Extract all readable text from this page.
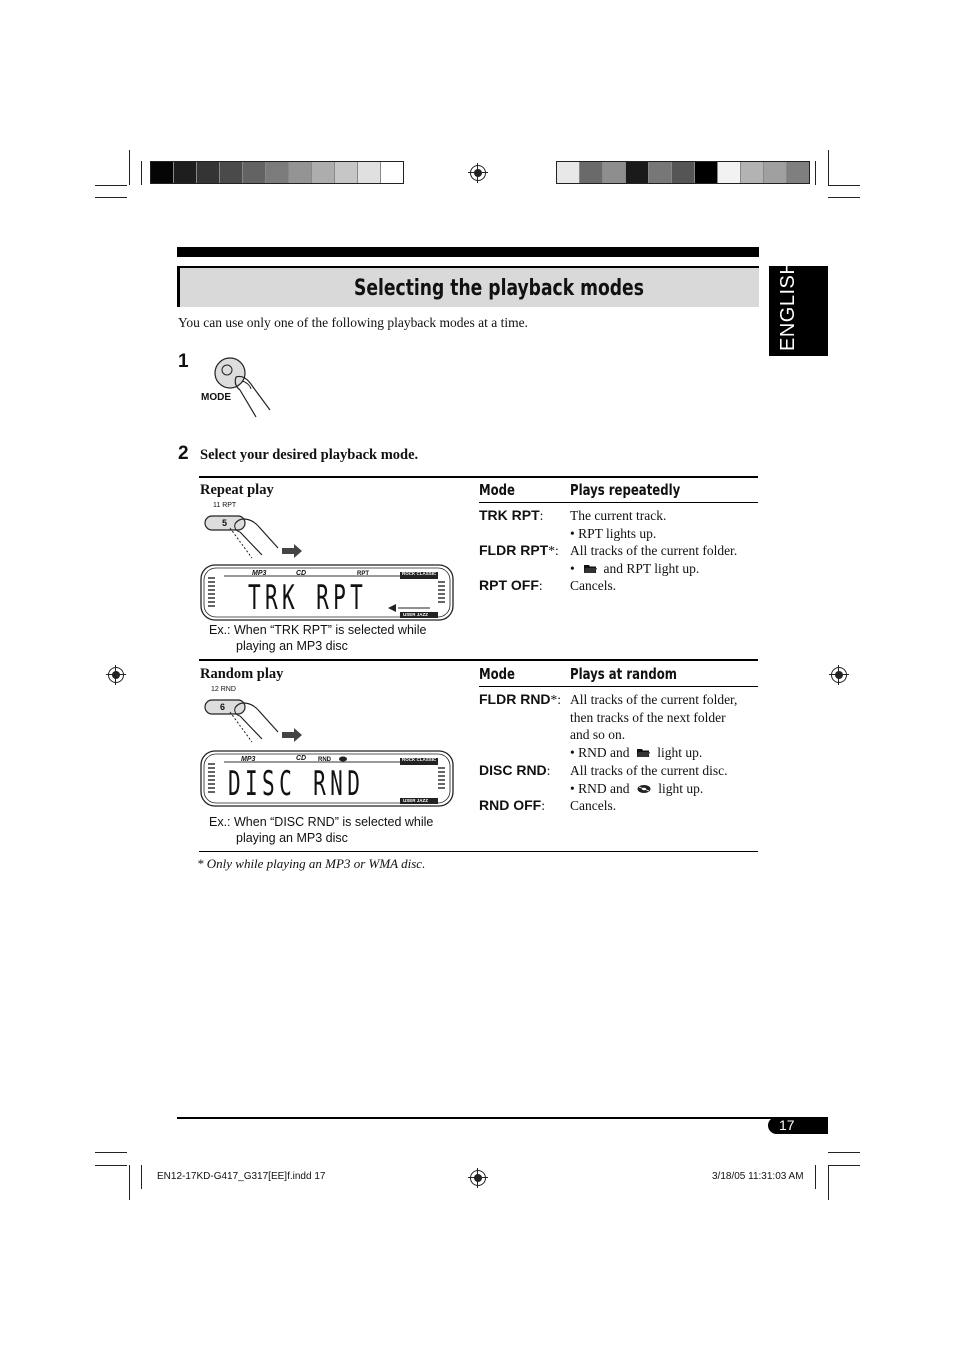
Selecting the playback modes	ENGLISH
You can use only one of the following playback modes at a time.
1
MODE
2 Select your desired playback mode.
Repeat play
11 RPT
5
MP3	CD	RPT	ROCK CLASSIC
USER JAZZ
TRK RPT
Ex.: When “TRK RPT” is selected while
playing an MP3 disc
Mode	Plays repeatedly
TRK RPT: The current track.
• RPT lights up.
FLDR RPT*: All tracks of the current folder.
• and RPT light up.
RPT OFF: Cancels.
Random play
12 RND
6
MP3	CD RND	ROCK CLASSIC
USER JAZZ
DISC RND
Ex.: When “DISC RND” is selected while
playing an MP3 disc
Mode	Plays at random
FLDR RND*: All tracks of the current folder,
then tracks of the next folder
and so on.
• RND and light up.
DISC RND: All tracks of the current disc.
• RND and light up.
RND OFF: Cancels.
* Only while playing an MP3 or WMA disc.
17
EN12-17KD-G417_G317[EE]f.indd 17	3/18/05 11:31:03 AM
